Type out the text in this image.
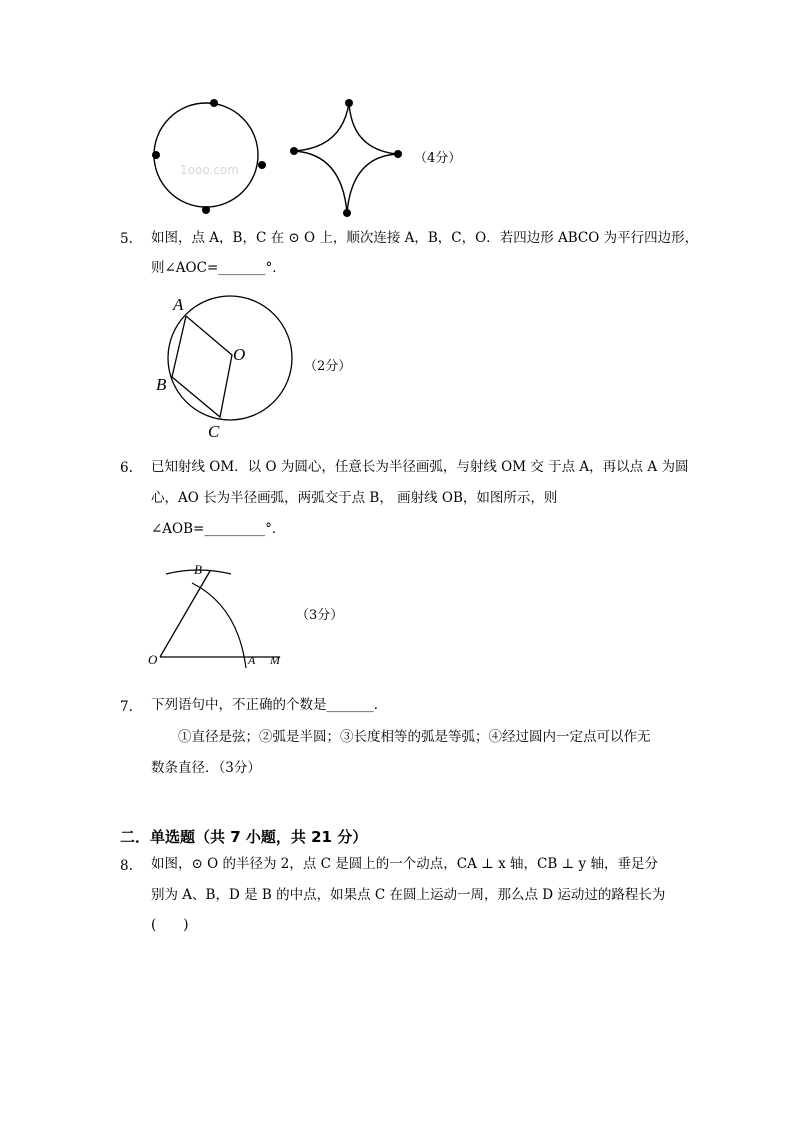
1ooo.com
（4分）
5. 如图，点 A，B，C 在 ⊙ O 上，顺次连接 A，B，C，O．若四边形 ABCO 为平行四边形，
则∠AOC=_______°．
A
O
B
C
（2分）
6. 已知射线 OM．以 O 为圆心，任意长为半径画弧，与射线 OM 交 于点 A，再以点 A 为圆
心，AO 长为半径画弧，两弧交于点 B， 画射线 OB，如图所示，则
∠AOB=_________°．
B
O	A M
（3分）
7. 下列语句中，不正确的个数是_______．
①直径是弦；②弧是半圆；③长度相等的弧是等弧；④经过圆内一定点可以作无
数条直径．（3分）
二．单选题（共 7 小题，共 21 分）
8. 如图，⊙ O 的半径为 2，点 C 是圆上的一个动点，CA ⊥ x 轴，CB ⊥ y 轴，垂足分
别为 A、B，D 是 B 的中点，如果点 C 在圆上运动一周，那么点 D 运动过的路程长为
(　　)
